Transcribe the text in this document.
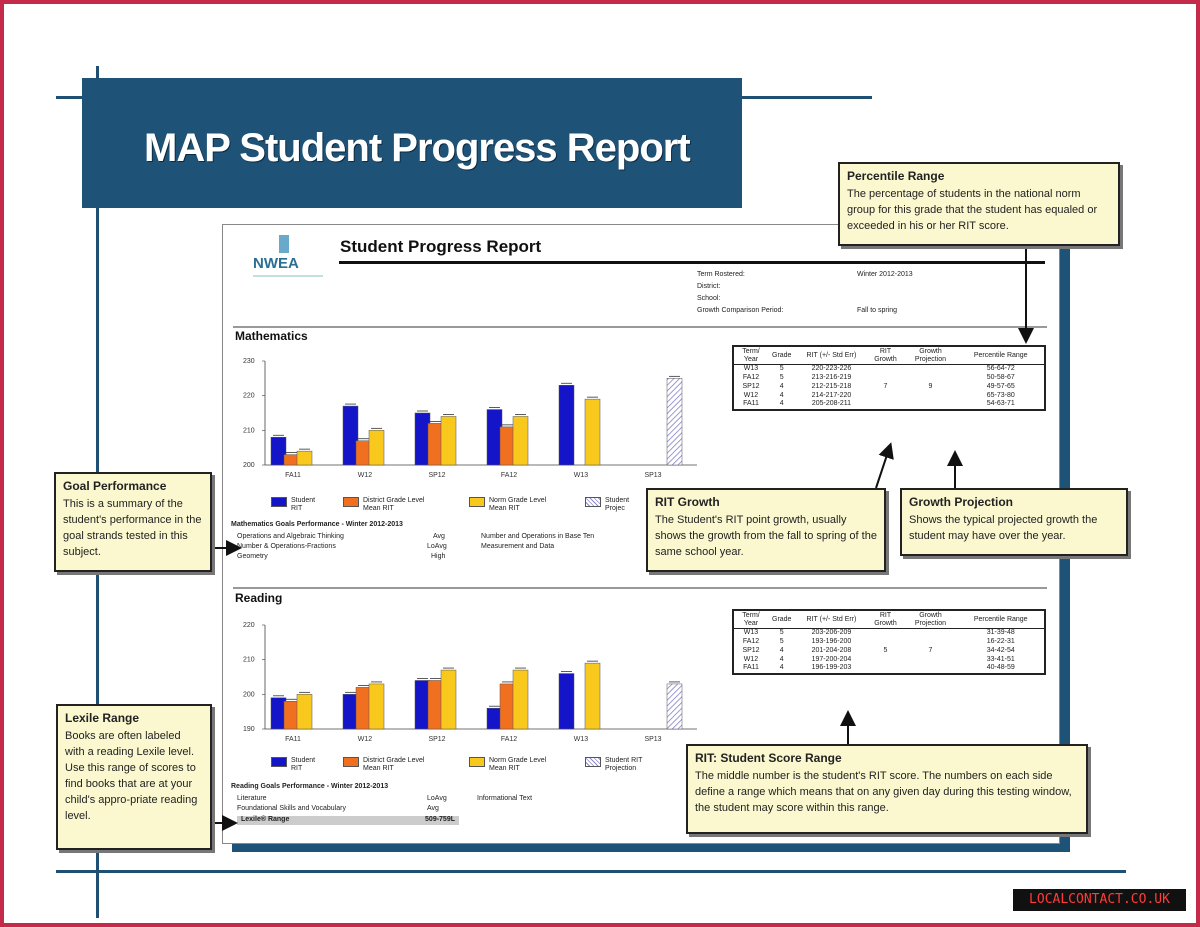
MAP Student Progress Report
NWEA
Student Progress Report
Term Rostered:	Winter 2012-2013
District:
School:
Growth Comparison Period:	Fall to spring
Mathematics
200
210
220
230
FA11	W12	SP12	FA12	W13	SP13
Student RIT
District Grade Level Mean RIT
Norm Grade Level Mean RIT
Student Projec
Mathematics Goals Performance - Winter 2012-2013
Operations and Algebraic Thinking	Avg	Number and Operations in Base Ten
Number & Operations-Fractions	LoAvg	Measurement and Data
Geometry	High
Reading
190
200
210
220
FA11	W12	SP12	FA12	W13	SP13
Student RIT
District Grade Level Mean RIT
Norm Grade Level Mean RIT
Student RIT Projection
Reading Goals Performance - Winter 2012-2013
Literature	LoAvg	Informational Text
Foundational Skills and Vocabulary	Avg
Lexile® Range	509-759L
Term/ Year	Grade	RIT (+/- Std Err)	RIT Growth	Growth Projection	Percentile Range
W13	5	220-223-226			56-64-72
FA12	5	213-216-219			50-58-67
SP12	4	212-215-218	7	9	49-57-65
W12	4	214-217-220			65-73-80
FA11	4	205-208-211			54-63-71
Term/ Year	Grade	RIT (+/- Std Err)	RIT Growth	Growth Projection	Percentile Range
W13	5	203-206-209			31-39-48
FA12	5	193-196-200			16-22-31
SP12	4	201-204-208	5	7	34-42-54
W12	4	197-200-204			33-41-51
FA11	4	196-199-203			40-48-59
Percentile Range
The percentage of students in the national norm group for this grade that the student has equaled or exceeded in his or her RIT score.
Goal Performance
This is a summary of the student's performance in the goal strands tested in this subject.
RIT Growth
The Student's RIT point growth, usually shows the growth from the fall to spring of the same school year.
Growth Projection
Shows the typical projected growth the student may have over the year.
Lexile Range
Books are often labeled with a reading Lexile level. Use this range of scores to find books that are at your child's appro-priate reading level.
RIT: Student Score Range
The middle number is the student's RIT score. The numbers on each side define a range which means that on any given day during this testing window, the student may score within this range.
LOCALCONTACT.CO.UK
